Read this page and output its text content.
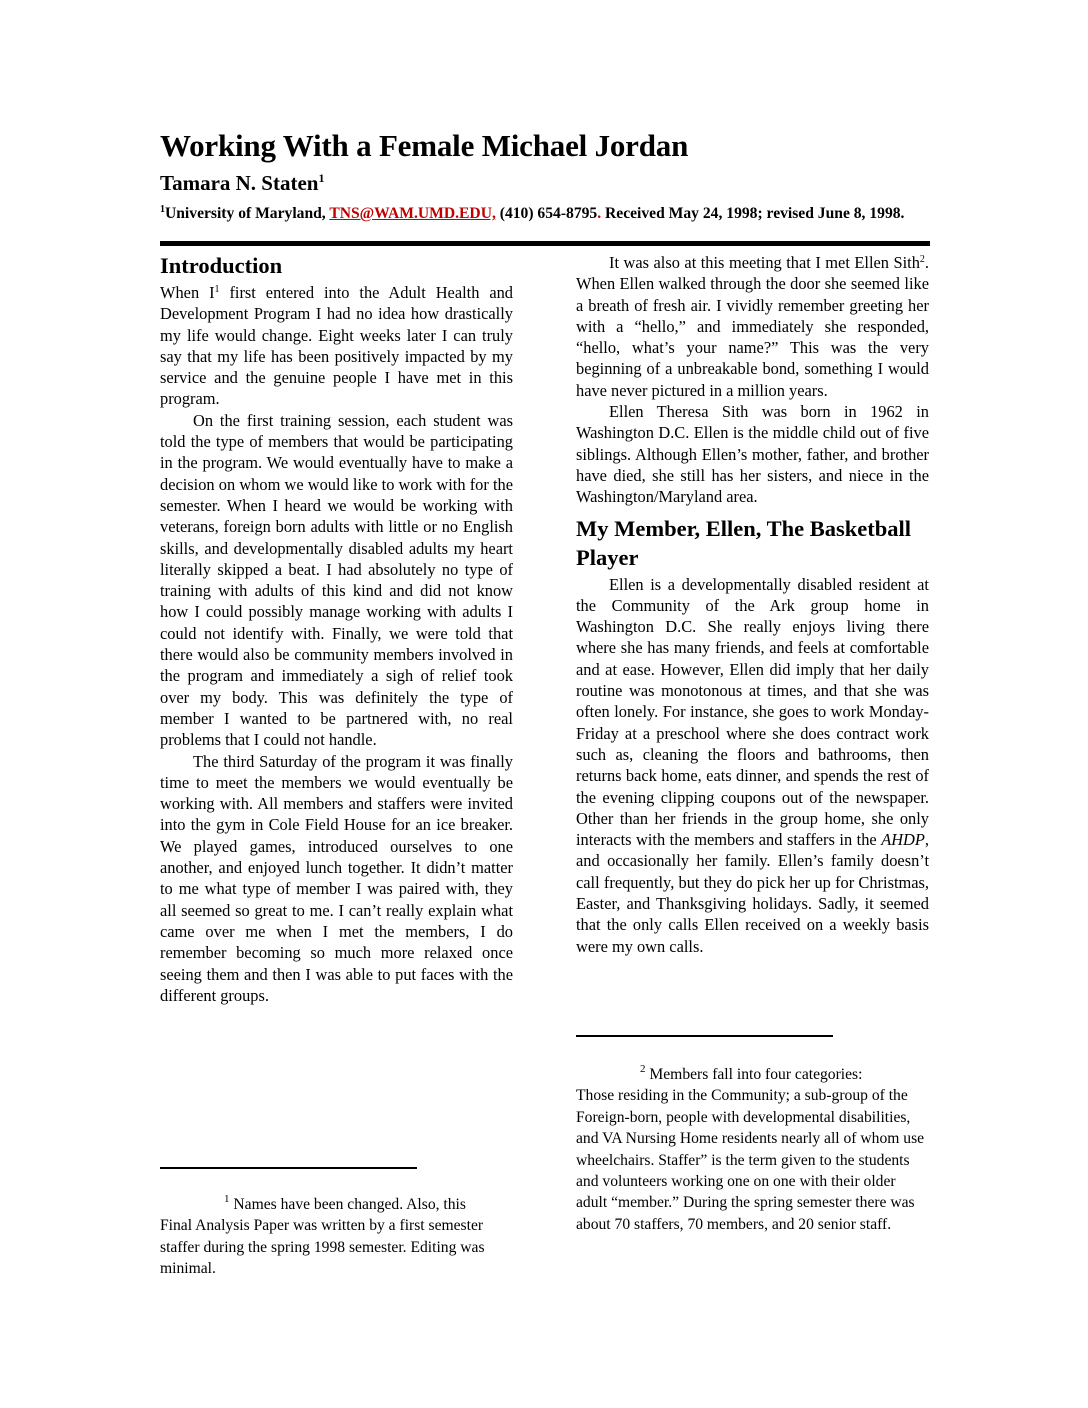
Working With a Female Michael Jordan
Tamara N. Staten$^1$
$^1$University of Maryland, TNS@WAM.UMD.EDU, (410) 654-8795. Received May 24, 1998; revised June 8, 1998.
Introduction

When $I^1$ first entered into the Adult Health and Development Program I had no idea how drastically my life would change. Eight weeks later I can truly say that my life has been positively impacted by my service and the genuine people I have met in this program.

On the first training session, each student was told the type of members that would be participating in the program. We would eventually have to make a decision on whom we would like to work with for the semester. When I heard we would be working with veterans, foreign born adults with little or no English skills, and developmentally disabled adults my heart literally skipped a beat. I had absolutely no type of training with adults of this kind and did not know how I could possibly manage working with adults I could not identify with. Finally, we were told that there would also be community members involved in the program and immediately a sigh of relief took over my body. This was definitely the type of member I wanted to be partnered with, no real problems that I could not handle.

The third Saturday of the program it was finally time to meet the members we would eventually be working with. All members and staffers were invited into the gym in Cole Field House for an ice breaker. We played games, introduced ourselves to one another, and enjoyed lunch together. It didn’t matter to me what type of member I was paired with, they all seemed so great to me. I can’t really explain what came over me when I met the members, I do remember becoming so much more relaxed once seeing them and then I was able to put faces with the different groups.

It was also at this meeting that I met Ellen Sith$^2$. When Ellen walked through the door she seemed like a breath of fresh air. I vividly remember greeting her with a “hello,” and immediately she responded, “hello, what’s your name?” This was the very beginning of a unbreakable bond, something I would have never pictured in a million years.

Ellen Theresa Sith was born in 1962 in Washington D.C. Ellen is the middle child out of five siblings. Although Ellen’s mother, father, and brother have died, she still has her sisters, and niece in the Washington/Maryland area.

My Member, Ellen, The Basketball Player

Ellen is a developmentally disabled resident at the Community of the Ark group home in Washington D.C. She really enjoys living there where she has many friends, and feels at comfortable and at ease. However, Ellen did imply that her daily routine was monotonous at times, and that she was often lonely. For instance, she goes to work Monday-Friday at a preschool where she does contract work such as, cleaning the floors and bathrooms, then returns back home, eats dinner, and spends the rest of the evening clipping coupons out of the newspaper. Other than her friends in the group home, she only interacts with the members and staffers in the AHDP, and occasionally her family. Ellen’s family doesn’t call frequently, but they do pick her up for Christmas, Easter, and Thanksgiving holidays. Sadly, it seemed that the only calls Ellen received on a weekly basis were my own calls.

$^1$ Names have been changed. Also, this
Final Analysis Paper was written by a first semester staffer during the spring 1998 semester. Editing was minimal.
$^2$ Members fall into four categories:
Those residing in the Community; a sub-group of the Foreign-born, people with developmental disabilities, and VA Nursing Home residents nearly all of whom use wheelchairs. Staffer” is the term given to the students and volunteers working one on one with their older adult “member.” During the spring semester there was about 70 staffers, 70 members, and 20 senior staff.
